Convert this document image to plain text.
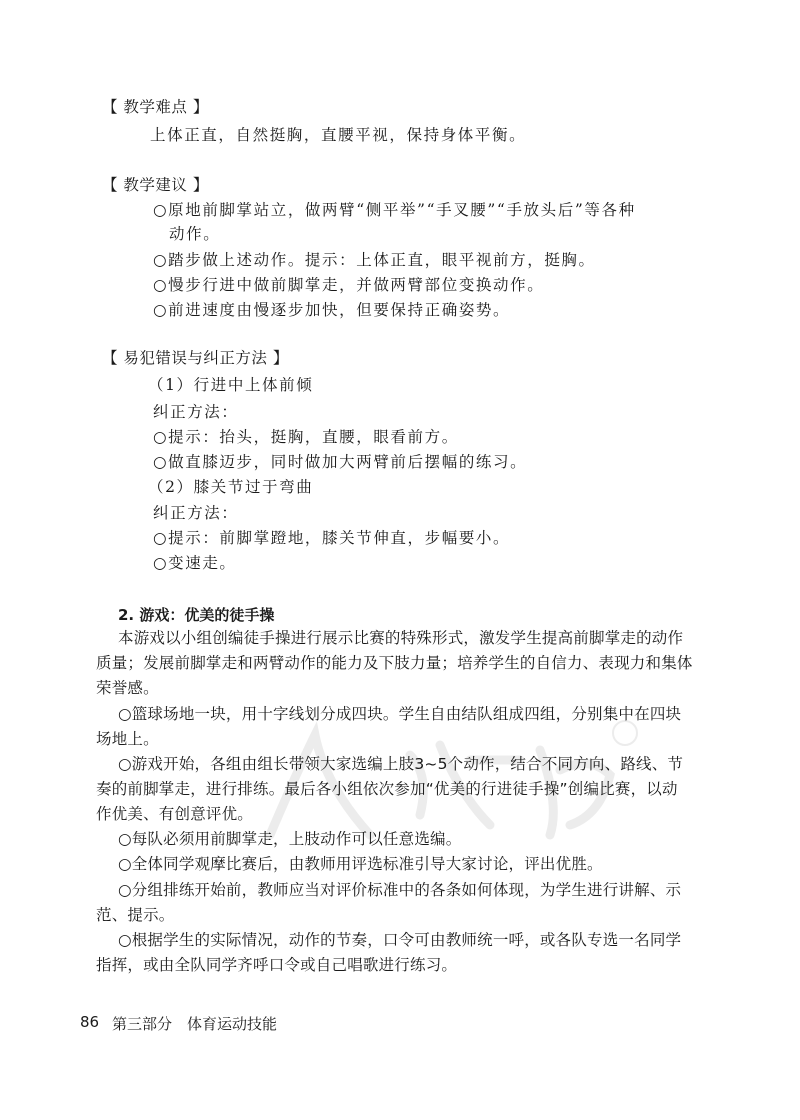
【 教学难点 】
上体正直，自然挺胸，直腰平视，保持身体平衡。
【 教学建议 】
○原地前脚掌站立，做两臂“侧平举”“手叉腰”“手放头后”等各种
动作。
○踏步做上述动作。提示：上体正直，眼平视前方，挺胸。
○慢步行进中做前脚掌走，并做两臂部位变换动作。
○前进速度由慢逐步加快，但要保持正确姿势。
【 易犯错误与纠正方法 】
（1）行进中上体前倾
纠正方法：
○提示：抬头，挺胸，直腰，眼看前方。
○做直膝迈步，同时做加大两臂前后摆幅的练习。
（2）膝关节过于弯曲
纠正方法：
○提示：前脚掌蹬地，膝关节伸直，步幅要小。
○变速走。
2. 游戏：优美的徒手操
本游戏以小组创编徒手操进行展示比赛的特殊形式，激发学生提高前脚掌走的动作
质量；发展前脚掌走和两臂动作的能力及下肢力量；培养学生的自信力、表现力和集体
荣誉感。
○篮球场地一块，用十字线划分成四块。学生自由结队组成四组，分别集中在四块
场地上。
○游戏开始，各组由组长带领大家选编上肢3~5个动作，结合不同方向、路线、节
奏的前脚掌走，进行排练。最后各小组依次参加“优美的行进徒手操”创编比赛，以动
作优美、有创意评优。
○每队必须用前脚掌走，上肢动作可以任意选编。
○全体同学观摩比赛后，由教师用评选标准引导大家讨论，评出优胜。
○分组排练开始前，教师应当对评价标准中的各条如何体现，为学生进行讲解、示
范、提示。
○根据学生的实际情况，动作的节奏，口令可由教师统一呼，或各队专选一名同学
指挥，或由全队同学齐呼口令或自己唱歌进行练习。
86 第三部分　体育运动技能
